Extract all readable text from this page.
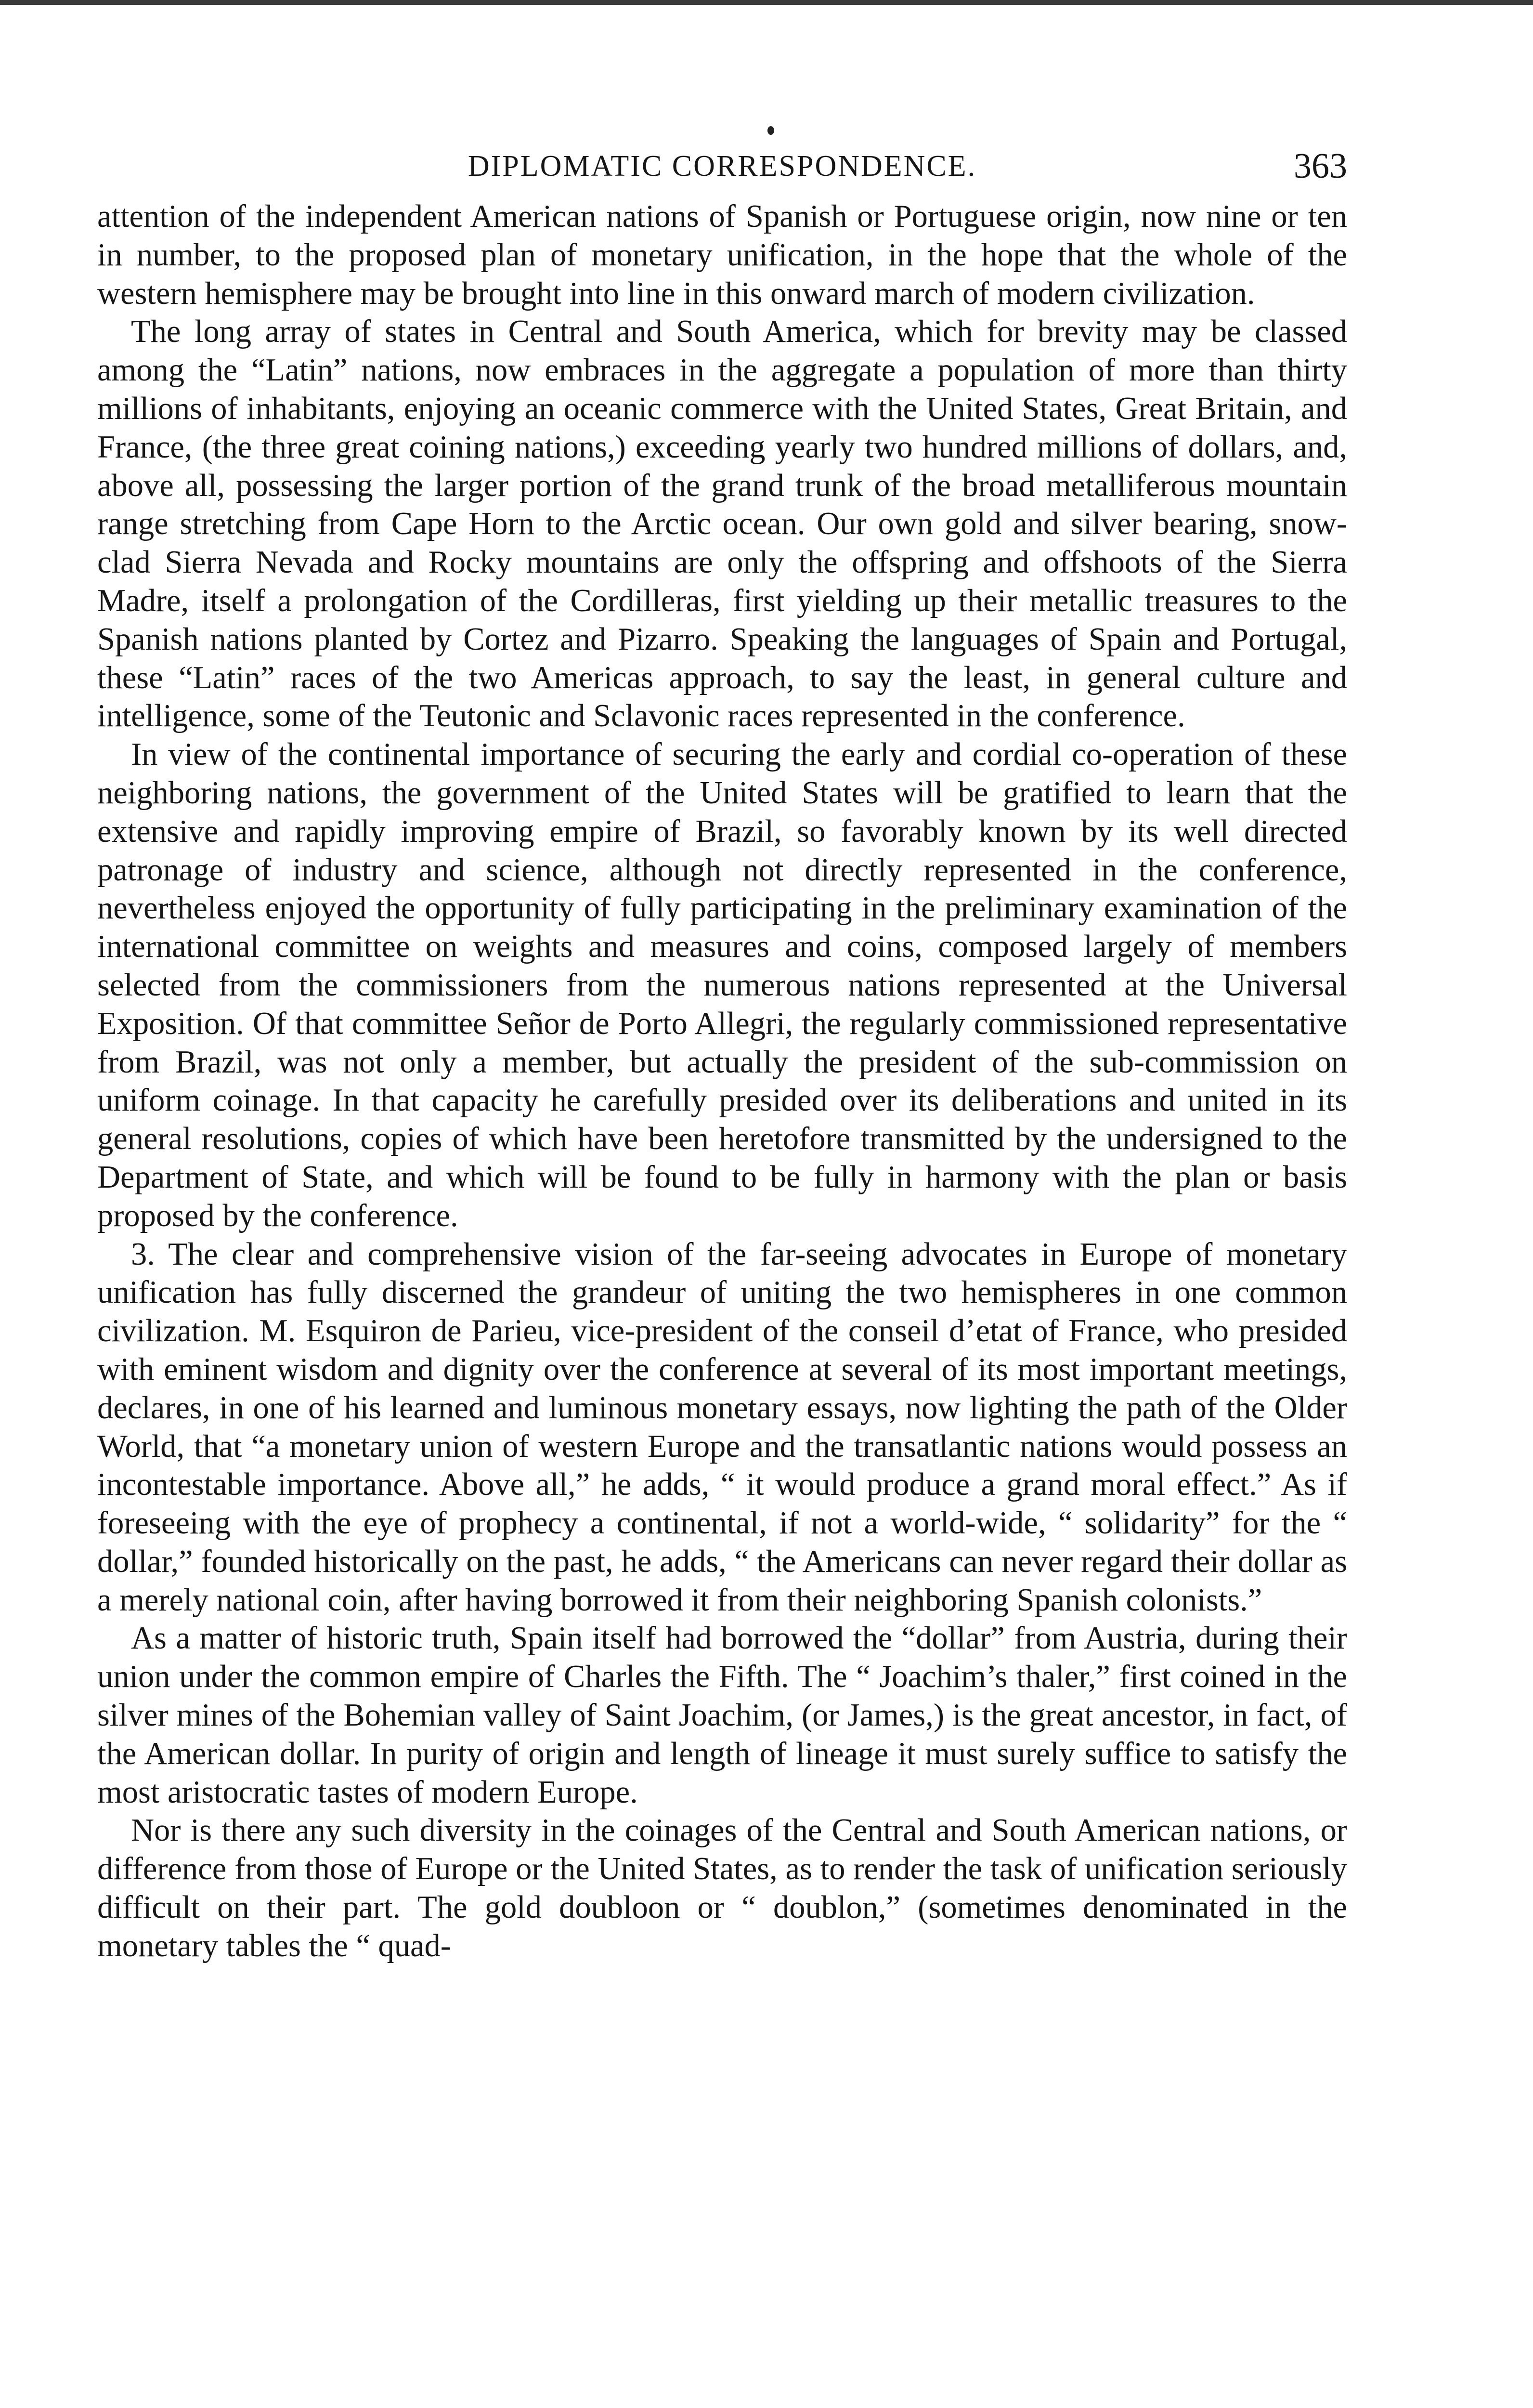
DIPLOMATIC CORRESPONDENCE.	363

attention of the independent American nations of Spanish or Portuguese origin, now nine or ten in number, to the proposed plan of monetary unification, in the hope that the whole of the western hemisphere may be brought into line in this onward march of modern civilization.

The long array of states in Central and South America, which for brevity may be classed among the “Latin” nations, now embraces in the aggregate a population of more than thirty millions of inhabitants, enjoying an oceanic commerce with the United States, Great Britain, and France, (the three great coining nations,) exceeding yearly two hundred millions of dollars, and, above all, possessing the larger portion of the grand trunk of the broad metalliferous mountain range stretching from Cape Horn to the Arctic ocean. Our own gold and silver bearing, snow-clad Sierra Nevada and Rocky mountains are only the offspring and offshoots of the Sierra Madre, itself a prolongation of the Cordilleras, first yielding up their metallic treasures to the Spanish nations planted by Cortez and Pizarro. Speaking the languages of Spain and Portugal, these “Latin” races of the two Americas approach, to say the least, in general culture and intelligence, some of the Teutonic and Sclavonic races represented in the conference.

In view of the continental importance of securing the early and cordial co-operation of these neighboring nations, the government of the United States will be gratified to learn that the extensive and rapidly improving empire of Brazil, so favorably known by its well directed patronage of industry and science, although not directly represented in the conference, nevertheless enjoyed the opportunity of fully participating in the preliminary examination of the international committee on weights and measures and coins, composed largely of members selected from the commissioners from the numerous nations represented at the Universal Exposition. Of that committee Señor de Porto Allegri, the regularly commissioned representative from Brazil, was not only a member, but actually the president of the sub-commission on uniform coinage. In that capacity he carefully presided over its deliberations and united in its general resolutions, copies of which have been heretofore transmitted by the undersigned to the Department of State, and which will be found to be fully in harmony with the plan or basis proposed by the conference.

3. The clear and comprehensive vision of the far-seeing advocates in Europe of monetary unification has fully discerned the grandeur of uniting the two hemispheres in one common civilization. M. Esquiron de Parieu, vice-president of the conseil d’etat of France, who presided with eminent wisdom and dignity over the conference at several of its most important meetings, declares, in one of his learned and luminous monetary essays, now lighting the path of the Older World, that “a monetary union of western Europe and the transatlantic nations would possess an incontestable importance. Above all,” he adds, “ it would produce a grand moral effect.” As if foreseeing with the eye of prophecy a continental, if not a world-wide, “ solidarity” for the “ dollar,” founded historically on the past, he adds, “ the Americans can never regard their dollar as a merely national coin, after having borrowed it from their neighboring Spanish colonists.”

As a matter of historic truth, Spain itself had borrowed the “dollar” from Austria, during their union under the common empire of Charles the Fifth. The “ Joachim’s thaler,” first coined in the silver mines of the Bohemian valley of Saint Joachim, (or James,) is the great ancestor, in fact, of the American dollar. In purity of origin and length of lineage it must surely suffice to satisfy the most aristocratic tastes of modern Europe.

Nor is there any such diversity in the coinages of the Central and South American nations, or difference from those of Europe or the United States, as to render the task of unification seriously difficult on their part. The gold doubloon or “ doublon,” (sometimes denominated in the monetary tables the “ quad-
